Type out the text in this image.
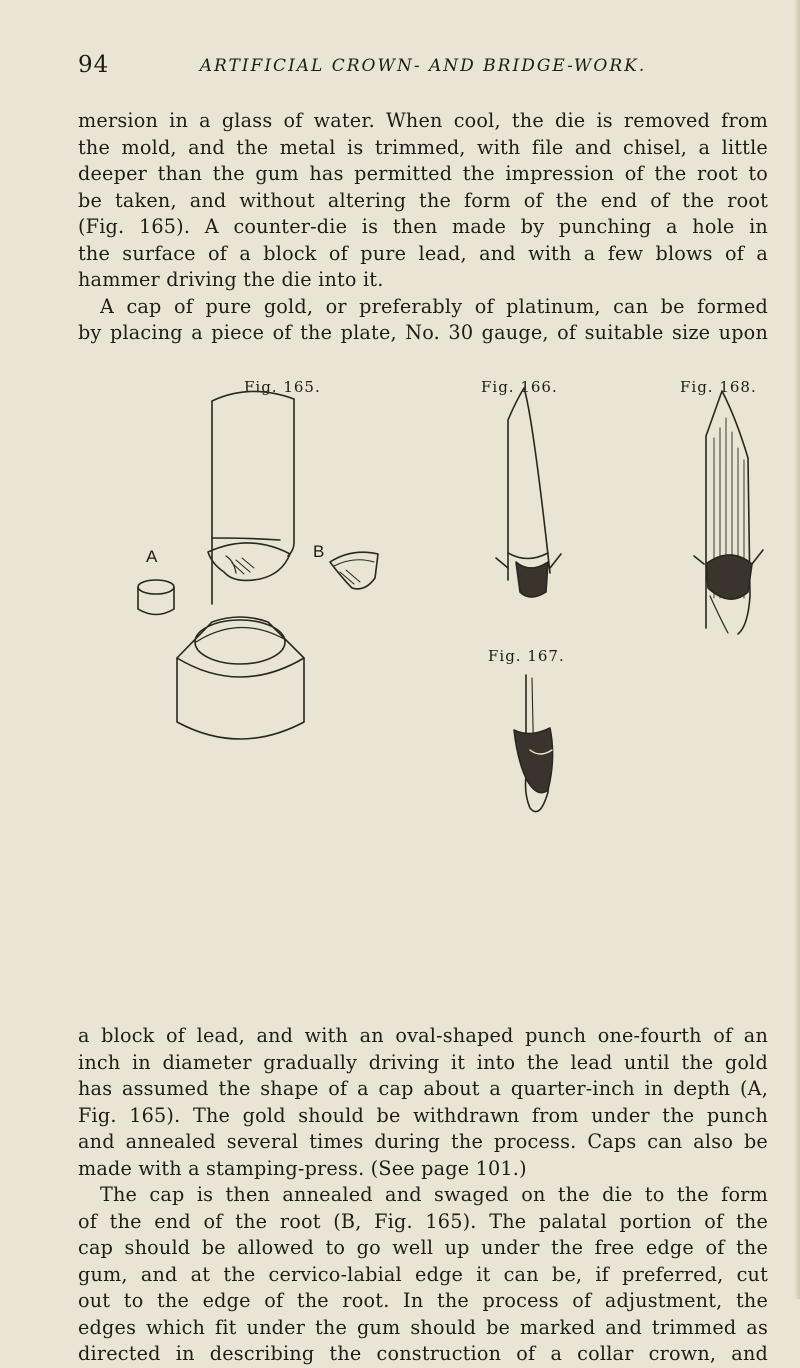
94	ARTIFICIAL CROWN- AND BRIDGE-WORK.

mersion in a glass of water. When cool, the die is removed from

the mold, and the metal is trimmed, with file and chisel, a little

deeper than the gum has permitted the impression of the root to

be taken, and without altering the form of the end of the root

(Fig. 165). A counter-die is then made by punching a hole in

the surface of a block of pure lead, and with a few blows of a

hammer driving the die into it.

A cap of pure gold, or preferably of platinum, can be formed

by placing a piece of the plate, No. 30 gauge, of suitable size upon

Fig. 165.	Fig. 166.	Fig. 168.
Fig. 167.
A	B

a block of lead, and with an oval-shaped punch one-fourth of an

inch in diameter gradually driving it into the lead until the gold

has assumed the shape of a cap about a quarter-inch in depth (A,

Fig. 165). The gold should be withdrawn from under the punch

and annealed several times during the process. Caps can also be

made with a stamping-press. (See page 101.)

The cap is then annealed and swaged on the die to the form

of the end of the root (B, Fig. 165). The palatal portion of the

cap should be allowed to go well up under the free edge of the

gum, and at the cervico-labial edge it can be, if preferred, cut

out to the edge of the root. In the process of adjustment, the

edges which fit under the gum should be marked and trimmed as

directed in describing the construction of a collar crown, and
